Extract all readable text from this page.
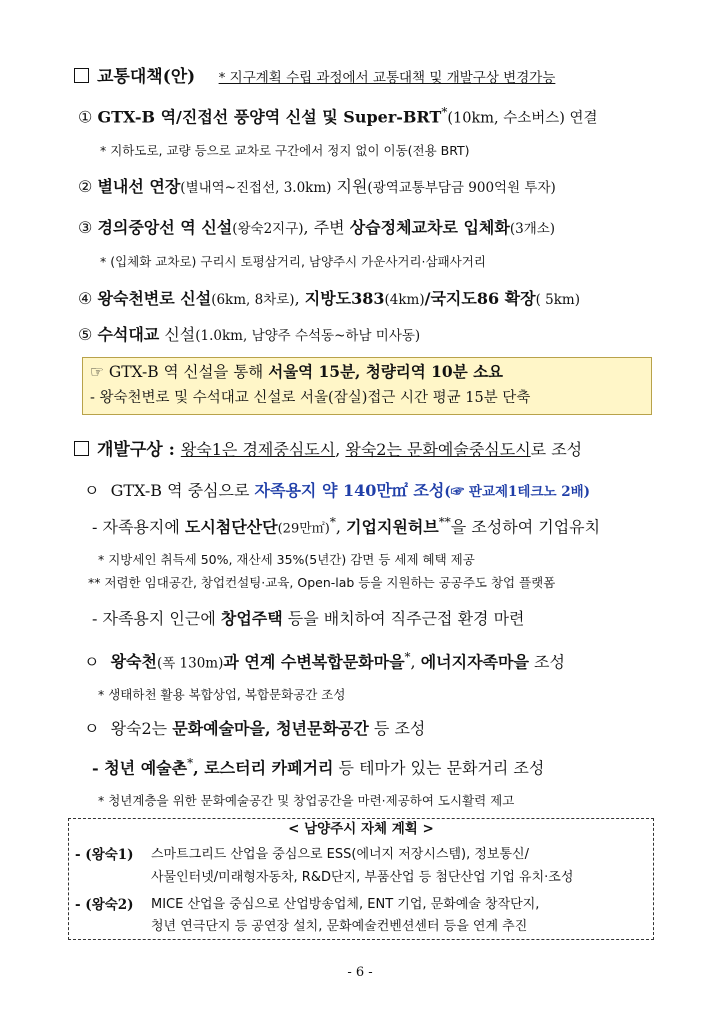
교통대책(안) * 지구계획 수립 과정에서 교통대책 및 개발구상 변경가능
① GTX-B 역/진접선 풍양역 신설 및 Super-BRT*(10km, 수소버스) 연결
* 지하도로, 교량 등으로 교차로 구간에서 정지 없이 이동(전용 BRT)
② 별내선 연장(별내역~진접선, 3.0km) 지원(광역교통부담금 900억원 투자)
③ 경의중앙선 역 신설(왕숙2지구), 주변 상습정체교차로 입체화(3개소)
* (입체화 교차로) 구리시 토평삼거리, 남양주시 가운사거리·삼패사거리
④ 왕숙천변로 신설(6km, 8차로), 지방도383(4km)/국지도86 확장( 5km)
⑤ 수석대교 신설(1.0km, 남양주 수석동~하남 미사동)
☞ GTX-B 역 신설을 통해 서울역 15분, 청량리역 10분 소요
- 왕숙천변로 및 수석대교 신설로 서울(잠실)접근 시간 평균 15분 단축
개발구상 : 왕숙1은 경제중심도시, 왕숙2는 문화예술중심도시로 조성
ㅇ GTX-B 역 중심으로 자족용지 약 140만㎡ 조성(☞ 판교제1테크노 2배)
- 자족용지에 도시첨단산단(29만㎡)*, 기업지원허브**을 조성하여 기업유치
* 지방세인 취득세 50%, 재산세 35%(5년간) 감면 등 세제 혜택 제공
** 저렴한 임대공간, 창업컨설팅·교육, Open-lab 등을 지원하는 공공주도 창업 플랫폼
- 자족용지 인근에 창업주택 등을 배치하여 직주근접 환경 마련
ㅇ 왕숙천(폭 130m)과 연계 수변복합문화마을*, 에너지자족마을 조성
* 생태하천 활용 복합상업, 복합문화공간 조성
ㅇ 왕숙2는 문화예술마을, 청년문화공간 등 조성
- 청년 예술촌*, 로스터리 카페거리 등 테마가 있는 문화거리 조성
* 청년계층을 위한 문화예술공간 및 창업공간을 마련·제공하여 도시활력 제고
< 남양주시 자체 계획 >
- (왕숙1) 스마트그리드 산업을 중심으로 ESS(에너지 저장시스템), 정보통신/
사물인터넷/미래형자동차, R&D단지, 부품산업 등 첨단산업 기업 유치·조성
- (왕숙2) MICE 산업을 중심으로 산업방송업체, ENT 기업, 문화예술 창작단지,
청년 연극단지 등 공연장 설치, 문화예술컨벤션센터 등을 연계 추진
- 6 -
